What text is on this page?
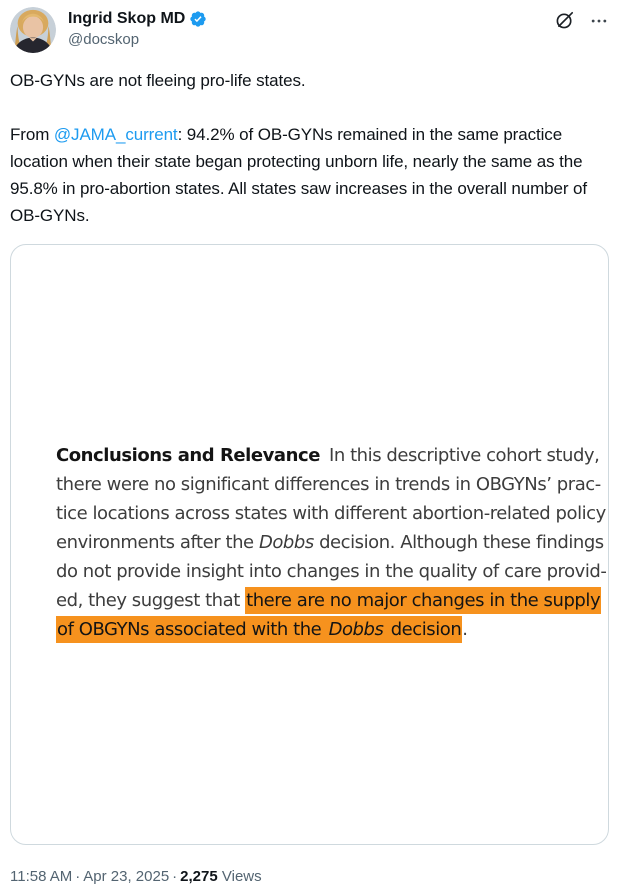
Ingrid Skop MD
@docskop

OB-GYNs are not fleeing pro-life states.

From @JAMA_current: 94.2% of OB-GYNs remained in the same practice location when their state began protecting unborn life, nearly the same as the 95.8% in pro-abortion states. All states saw increases in the overall number of OB-GYNs.

Conclusions and Relevance In this descriptive cohort study,
there were no significant differences in trends in OBGYNs’ prac-
tice locations across states with different abortion-related policy
environments after the Dobbs decision. Although these findings
do not provide insight into changes in the quality of care provid-
ed, they suggest that there are no major changes in the supply
of OBGYNs associated with the Dobbs decision.
11:58 AM · Apr 23, 2025 · 2,275 Views
